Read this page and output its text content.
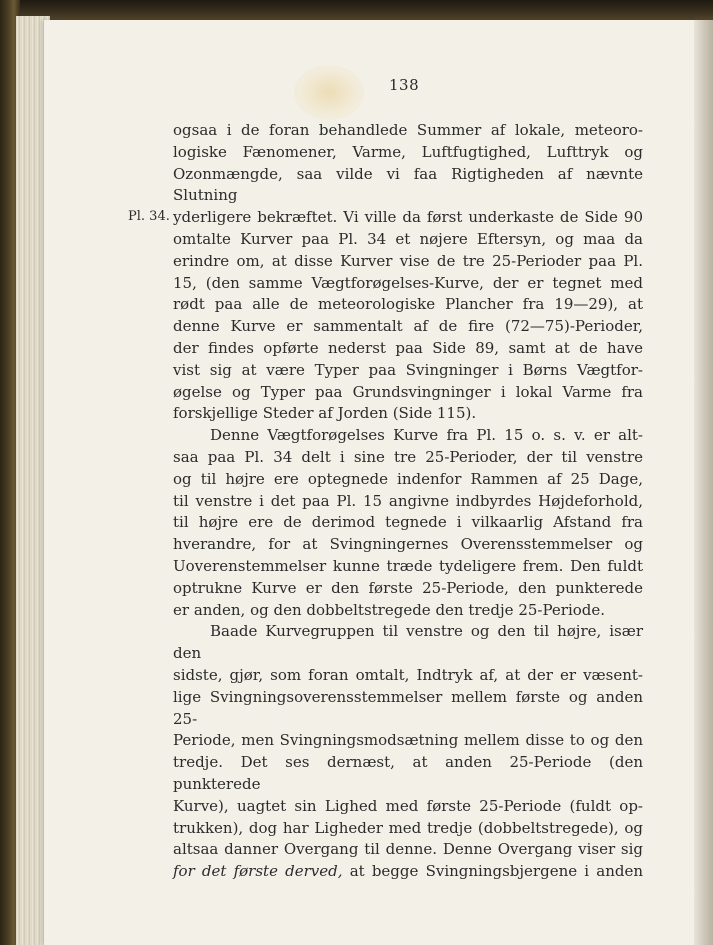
138
Pl. 34.

ogsaa i de foran behandlede Summer af lokale, meteoro-

logiske Fænomener, Varme, Luftfugtighed, Lufttryk og

Ozonmængde, saa vilde vi faa Rigtigheden af nævnte Slutning

yderligere bekræftet. Vi ville da først underkaste de Side 90

omtalte Kurver paa Pl. 34 et nøjere Eftersyn, og maa da

erindre om, at disse Kurver vise de tre 25-Perioder paa Pl.

15, (den samme Vægtforøgelses-Kurve, der er tegnet med

rødt paa alle de meteorologiske Plancher fra 19—29), at

denne Kurve er sammentalt af de fire (72—75)-Perioder,

der findes opførte nederst paa Side 89, samt at de have

vist sig at være Typer paa Svingninger i Børns Vægtfor-

øgelse og Typer paa Grundsvingninger i lokal Varme fra

forskjellige Steder af Jorden (Side 115).

Denne Vægtforøgelses Kurve fra Pl. 15 o. s. v. er alt-

saa paa Pl. 34 delt i sine tre 25-Perioder, der til venstre

og til højre ere optegnede indenfor Rammen af 25 Dage,

til venstre i det paa Pl. 15 angivne indbyrdes Højdeforhold,

til højre ere de derimod tegnede i vilkaarlig Afstand fra

hverandre, for at Svingningernes Overensstemmelser og

Uoverenstemmelser kunne træde tydeligere frem. Den fuldt

optrukne Kurve er den første 25-Periode, den punkterede

er anden, og den dobbeltstregede den tredje 25-Periode.

Baade Kurvegruppen til venstre og den til højre, især den

sidste, gjør, som foran omtalt, Indtryk af, at der er væsent-

lige Svingningsoverensstemmelser mellem første og anden 25-

Periode, men Svingningsmodsætning mellem disse to og den

tredje. Det ses dernæst, at anden 25-Periode (den punkterede

Kurve), uagtet sin Lighed med første 25-Periode (fuldt op-

trukken), dog har Ligheder med tredje (dobbeltstregede), og

altsaa danner Overgang til denne. Denne Overgang viser sig

for det første derved, at begge Svingningsbjergene i anden
